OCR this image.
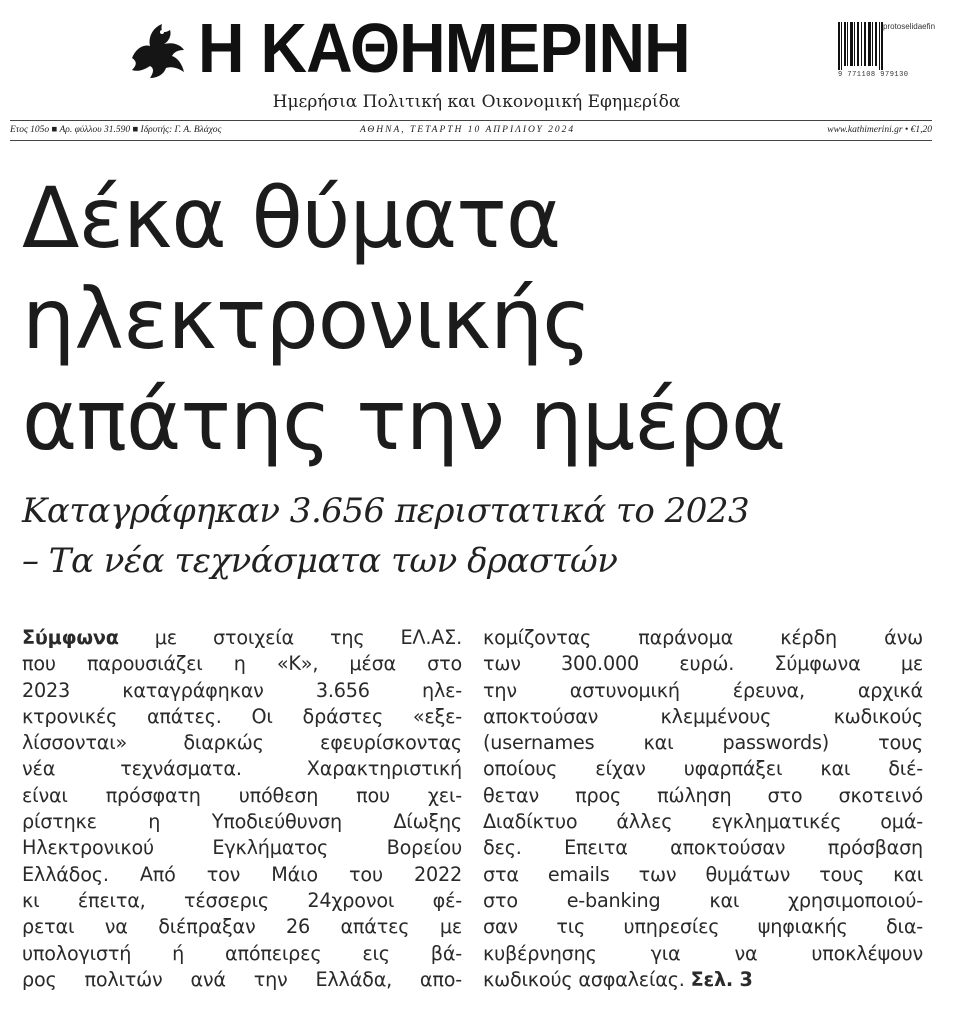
Η ΚΑΘΗΜΕΡΙΝΗ
Ημερήσια Πολιτική και Οικονομική Εφημερίδα
protoselidaefin
9 771108 979130
Ετος 105ο ■ Αρ. φύλλου 31.590 ■ Ιδρυτής: Γ. Α. Βλάχος	ΑΘΗΝΑ, ΤΕΤΑΡΤΗ 10 ΑΠΡΙΛΙΟΥ 2024	www.kathimerini.gr • €1,20
Δέκα θύματα
ηλεκτρονικής
απάτης την ημέρα
Καταγράφηκαν 3.656 περιστατικά το 2023
– Τα νέα τεχνάσματα των δραστών
Σύμφωνα με στοιχεία της ΕΛ.ΑΣ.
που παρουσιάζει η «Κ», μέσα στο
2023 καταγράφηκαν 3.656 ηλε-
κτρονικές απάτες. Οι δράστες «εξε-
λίσσονται» διαρκώς εφευρίσκοντας
νέα τεχνάσματα. Χαρακτηριστική
είναι πρόσφατη υπόθεση που χει-
ρίστηκε η Υποδιεύθυνση Δίωξης
Ηλεκτρονικού Εγκλήματος Βορείου
Ελλάδος. Από τον Μάιο του 2022
κι έπειτα, τέσσερις 24χρονοι φέ-
ρεται να διέπραξαν 26 απάτες με
υπολογιστή ή απόπειρες εις βά-
ρος πολιτών ανά την Ελλάδα, απο-
κομίζοντας παράνομα κέρδη άνω
των 300.000 ευρώ. Σύμφωνα με
την αστυνομική έρευνα, αρχικά
αποκτούσαν κλεμμένους κωδικούς
(usernames και passwords) τους
οποίους είχαν υφαρπάξει και διέ-
θεταν προς πώληση στο σκοτεινό
Διαδίκτυο άλλες εγκληματικές ομά-
δες. Επειτα αποκτούσαν πρόσβαση
στα emails των θυμάτων τους και
στο e-banking και χρησιμοποιού-
σαν τις υπηρεσίες ψηφιακής δια-
κυβέρνησης για να υποκλέψουν
κωδικούς ασφαλείας. Σελ. 3
